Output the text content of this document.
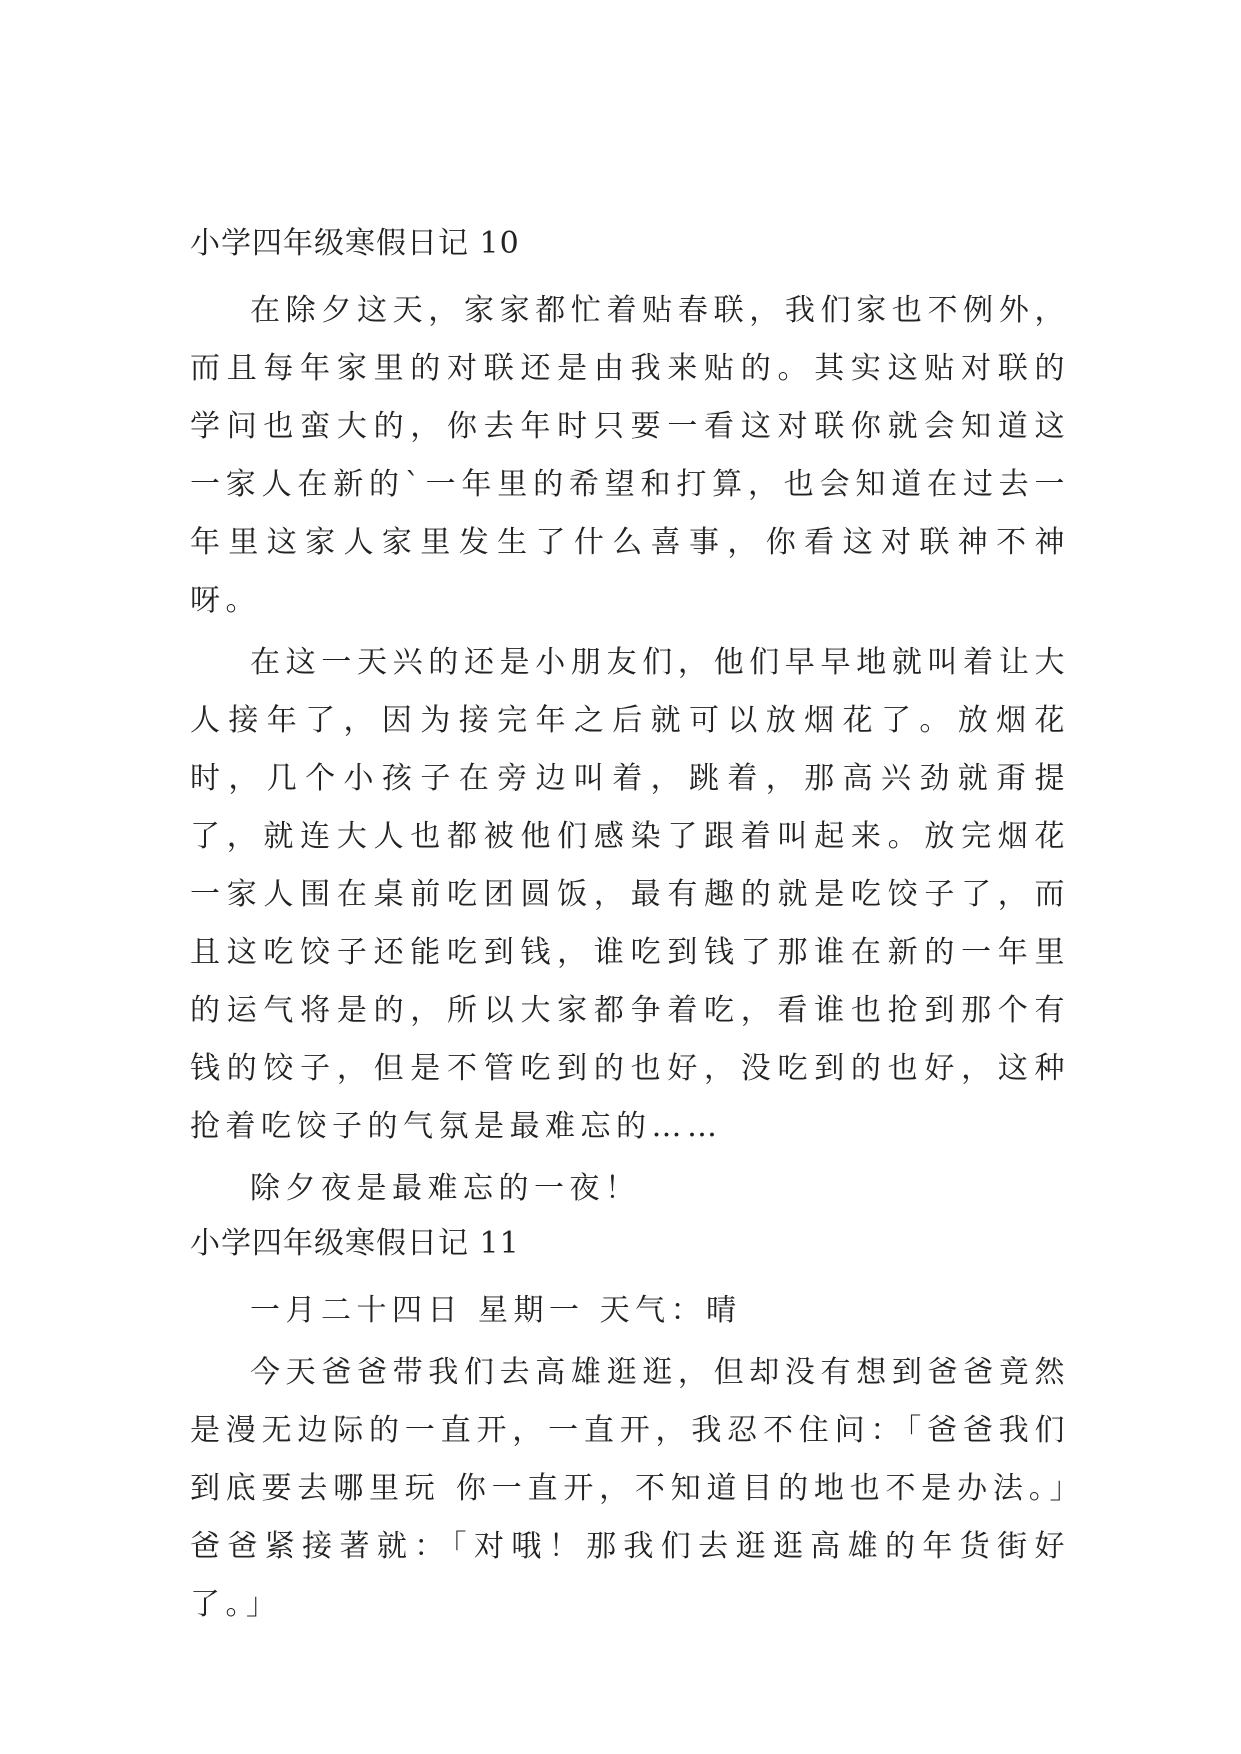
小学四年级寒假日记 10

在除夕这天，家家都忙着贴春联，我们家也不例外，而且每年家里的对联还是由我来贴的。其实这贴对联的学问也蛮大的，你去年时只要一看这对联你就会知道这一家人在新的`一年里的希望和打算，也会知道在过去一年里这家人家里发生了什么喜事，你看这对联神不神呀。

在这一天兴的还是小朋友们，他们早早地就叫着让大人接年了，因为接完年之后就可以放烟花了。放烟花时，几个小孩子在旁边叫着，跳着，那高兴劲就甭提了，就连大人也都被他们感染了跟着叫起来。放完烟花一家人围在桌前吃团圆饭，最有趣的就是吃饺子了，而且这吃饺子还能吃到钱，谁吃到钱了那谁在新的一年里的运气将是的，所以大家都争着吃，看谁也抢到那个有钱的饺子，但是不管吃到的也好，没吃到的也好，这种抢着吃饺子的气氛是最难忘的……

除夕夜是最难忘的一夜！

小学四年级寒假日记 11

一月二十四日 星期一 天气：晴

今天爸爸带我们去高雄逛逛，但却没有想到爸爸竟然是漫无边际的一直开，一直开，我忍不住问：「爸爸我们到底要去哪里玩 你一直开，不知道目的地也不是办法。」爸爸紧接著就：「对哦！那我们去逛逛高雄的年货街好了。」
